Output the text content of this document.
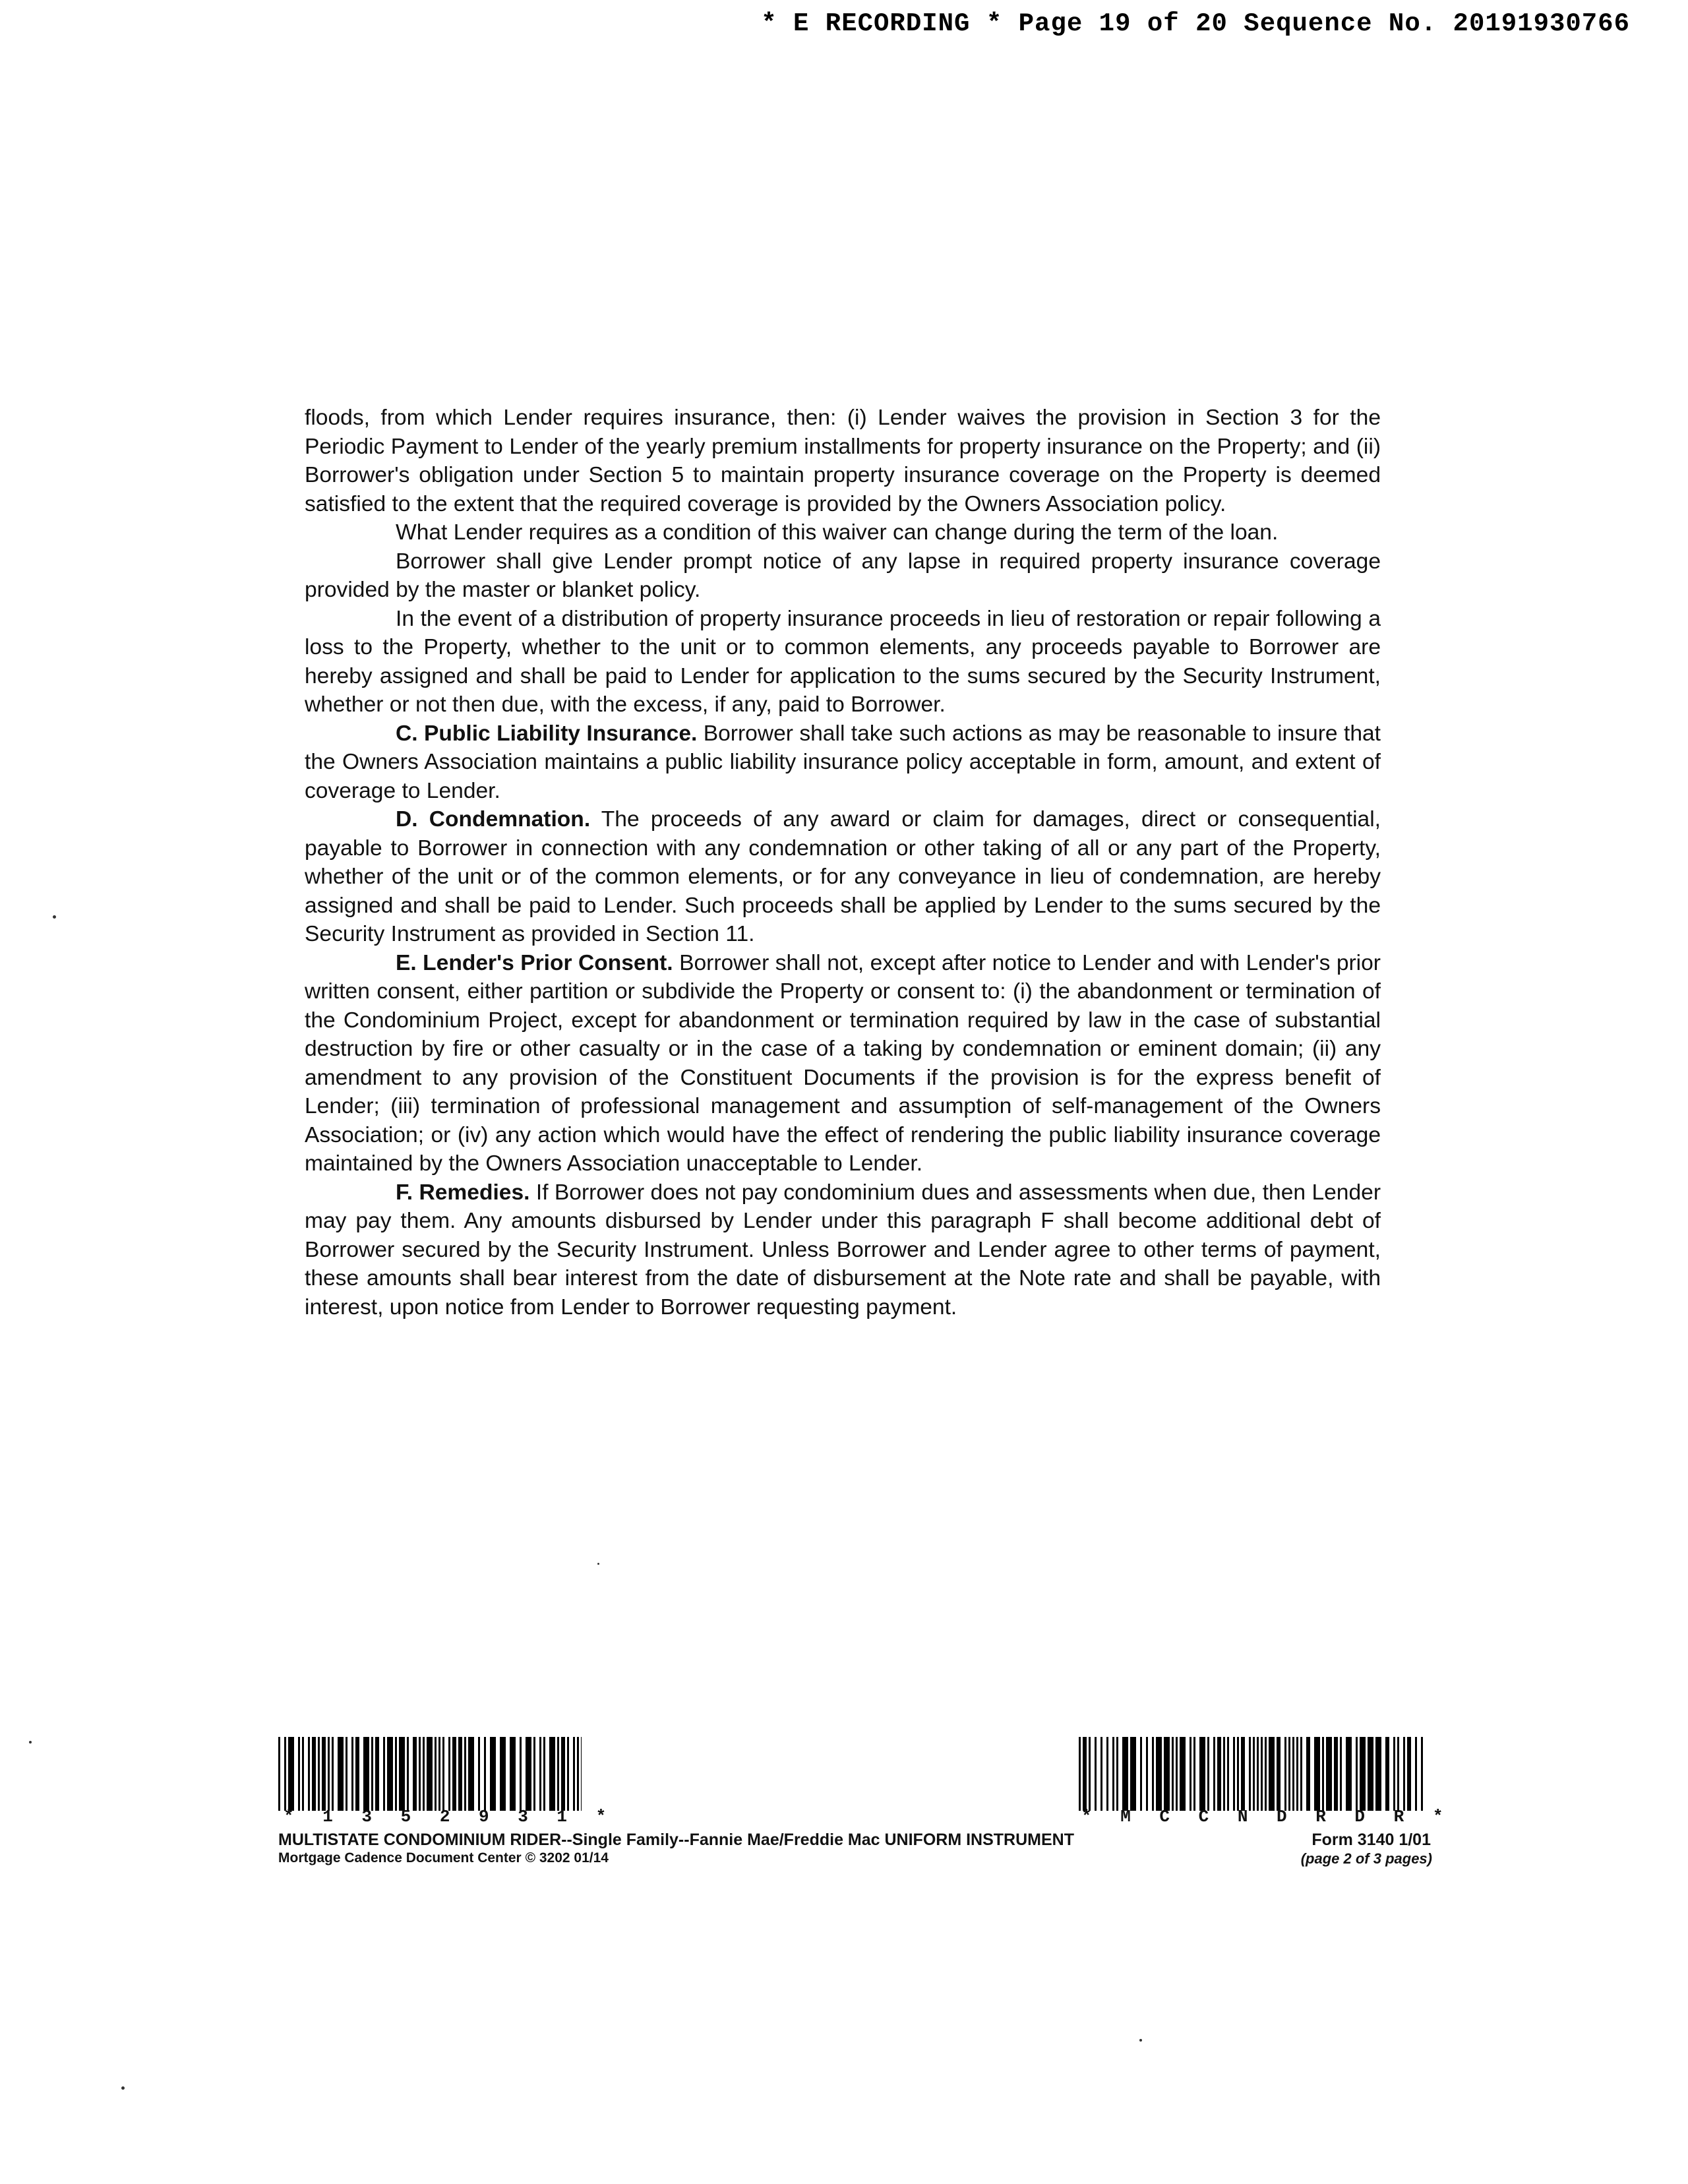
* E RECORDING * Page 19 of 20 Sequence No. 20191930766

floods, from which Lender requires insurance, then: (i) Lender waives the provision in Section 3 for the Periodic Payment to Lender of the yearly premium installments for property insurance on the Property; and (ii) Borrower's obligation under Section 5 to maintain property insurance coverage on the Property is deemed satisfied to the extent that the required coverage is provided by the Owners Association policy.

What Lender requires as a condition of this waiver can change during the term of the loan.

Borrower shall give Lender prompt notice of any lapse in required property insurance coverage provided by the master or blanket policy.

In the event of a distribution of property insurance proceeds in lieu of restoration or repair following a loss to the Property, whether to the unit or to common elements, any proceeds payable to Borrower are hereby assigned and shall be paid to Lender for application to the sums secured by the Security Instrument, whether or not then due, with the excess, if any, paid to Borrower.

C. Public Liability Insurance. Borrower shall take such actions as may be reasonable to insure that the Owners Association maintains a public liability insurance policy acceptable in form, amount, and extent of coverage to Lender.

D. Condemnation. The proceeds of any award or claim for damages, direct or consequential, payable to Borrower in connection with any condemnation or other taking of all or any part of the Property, whether of the unit or of the common elements, or for any conveyance in lieu of condemnation, are hereby assigned and shall be paid to Lender. Such proceeds shall be applied by Lender to the sums secured by the Security Instrument as provided in Section 11.

E. Lender's Prior Consent. Borrower shall not, except after notice to Lender and with Lender's prior written consent, either partition or subdivide the Property or consent to: (i) the abandonment or termination of the Condominium Project, except for abandonment or termination required by law in the case of substantial destruction by fire or other casualty or in the case of a taking by condemnation or eminent domain; (ii) any amendment to any provision of the Constituent Documents if the provision is for the express benefit of Lender; (iii) termination of professional management and assumption of self-management of the Owners Association; or (iv) any action which would have the effect of rendering the public liability insurance coverage maintained by the Owners Association unacceptable to Lender.

F. Remedies. If Borrower does not pay condominium dues and assessments when due, then Lender may pay them. Any amounts disbursed by Lender under this paragraph F shall become additional debt of Borrower secured by the Security Instrument. Unless Borrower and Lender agree to other terms of payment, these amounts shall bear interest from the date of disbursement at the Note rate and shall be payable, with interest, upon notice from Lender to Borrower requesting payment.

* 1 3 5 2 9 3 1 *	* M C C N D R D R *
MULTISTATE CONDOMINIUM RIDER--Single Family--Fannie Mae/Freddie Mac UNIFORM INSTRUMENT
Mortgage Cadence Document Center © 3202 01/14
Form 3140 1/01
(page 2 of 3 pages)
